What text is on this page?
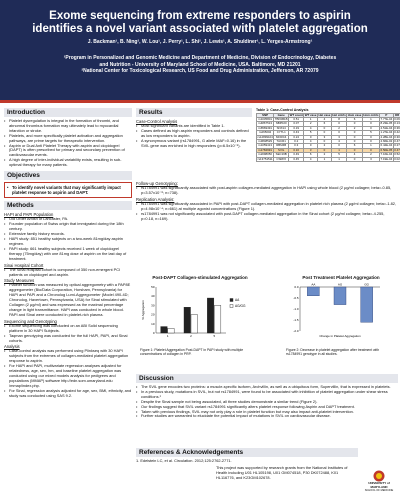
Exome sequencing from extreme responders to aspirin
identifies a novel variant associated with platelet aggregation
J. Backman¹, B. Ning², W. Lou¹, J. Perry¹, L. Shi², J. Lewis¹, A. Shuldiner¹, L. Yerges-Armstrong¹
¹Program in Personalized and Genomic Medicine and Department of Medicine, Division of Endocrinology, Diabetes
and Nutrition - University of Maryland School of Medicine, USA. Baltimore, MD 21201
²National Center for Toxicological Research, US Food and Drug Administration, Jefferson, AR 72079
Introduction
• Platelet dysregulation is integral in the formation of thrombi, and abnormal thrombus formation may ultimately lead to myocardial infarction or stroke.
• Platelets, and more specifically platelet activation and aggregation pathways, are prime targets for therapeutic intervention.
• Aspirin or Dual Anti Platelet Therapy with aspirin and clopidogrel (DAPT) is often prescribed for primary and secondary prevention of cardiovascular events.
• A high degree of inter-individual variability exists, resulting in sub-optimal therapy for many patients.
Objectives
• To identify novel variants that may significantly impact platelet response to aspirin and DAPT.
Methods
HAPI and PAPI Population
• Old Order Amish of Lancaster, PA.
• Founder population of Swiss origin that immigrated during the 18th century.
• Extensive family history records.
• HAPI study: 851 healthy subjects on a two-week 81mg/day aspirin regimen.
• PAPI study: 661 healthy subjects received 1 week of clopidogrel therapy (75mg/day) with one 81mg dose of aspirin on the last day of treatment.
Sinai Hospital Cohort
• The Sinai Hospital cohort is composed of 350 non-emergent PCI patients on clopidogrel and aspirin.
Study Measures
• Platelet function was measured by optical aggregometry with a PAP8E aggregometer (Bio/Data Corporation, Horsham, Pennsylvania) for HAPI and PAPI and a Chronolog Lumi-Aggregometer (Model 490-4D; Chronolog, Havertown, Pennsylvania, USA) for Sinai stimulated with Collagen (2 μg/ml) and was expressed as the maximal percentage change in light transmittance. HAPI was conducted in whole blood. PAPI and Sinai were conducted in platelet-rich plasma.
Sequencing and Genotyping
• Exome sequencing was conducted on an ABI Solid sequencing platform in 30 HAPI Subjects.
• Taqman genotyping was conducted for the full HAPI, PAPI, and Sinai cohorts.
Analysis
• Case-control analysis was performed using Plinkseq with 30 HAPI subjects from the extremes of collagen-mediated platelet aggregation response to aspirin.
• For HAPI and PAPI, multivariate regression analyses adjusted for relatedness, age, sex, hm, and baseline platelet aggregation was conducted using our mixed models analysis for pedigrees and populations (MMAP) software http://edn.som.umaryland.edu /mmap/index.php.
• For Sinai, regression analysis adjusted for age, sex, BMI, ethnicity, and study was conducted using SAS 9.2.
Results
Case-Control Analysis
• Most significant variants are identified in Table 1.
• Cases defined as high aspirin responders and controls defined as low responders to aspirin.
• A synonymous variant (rs1784991, G allele MAF=0.16) in the SVIL gene was enriched in high responders (p=6.5x10⁻⁵).
Table 1: Case-Control Analysis
SNP	Gene	WT count	WT case	Het case	Het cntrls	Hom case	Hom cntrls	P	OR
rs1035801	TBPAB1B	0.51	1	4	8	6	1	7.77E-04	0.06
rs4867513	NBPF20	0.07	2	6	0	0	0	8.23E-05	0.13
rs6569491	SNX14	0.19	4	0	2	2	0	4.51E-04	0.36
rs265004	CYTL1	0.43	5	0	0	0	5	1.27E-04	0.42
rs12899104	MORC4	0.24	0	3	3	0	0	4.28E-04	0.30
rs3848529	TACR1	0.2	4	0	4	0	0	4.66E-02	0.47
rs1059413	RBM4B	0.3	0	2	0	6	1	6.44E-04	0.27
rs1784991	SVIL	0.16	3	0	1	0	0	6.50E-05	0.47
rs2098050	SEC16B	0.49	6	2	5	4	2	7.16E-04	0.52
rs13751511	CSRP2	0.45	4	1	1	0	3	7.19E-04	0.02
Follow-up Genotyping:
• rs1784991 was significantly associated with post-aspirin collagen-mediated aggregation in HAPI using whole blood (2 μg/ml collagen; beta=-0.85, p=3.57x10⁻⁸; n=738).
Replication Analysis:
• rs1784991 was significantly associated in PAPI with post-DAPT collagen-mediated aggregation in platelet rich plasma (2 μg/ml collagen; beta=-1.82, p=4.98x10⁻⁴; n=661) at multiple agonist concentrations (Figure 1).
• rs1784991 was not significantly associated with post-DAPT collagen-mediated aggregation in the Sinai cohort (2 μg/ml collagen; beta=-4.255, p=0.18, n=169).
Post-DAPT Collagen-stimulated Aggregation
0
10
20
30
40
50
% Aggregation
1	2	5
AA
AG/GG
Figure 1: Platelet Aggregation Post-DAPT in PAPI study with multiple concentrations of collagen in PRP.
Post Treatment Platelet Aggregation
-2.0
-1.5
-1.0
-0.5
0.0
AA	AG	GG
Change in Platelet Aggregation
Figure 2: Decrease in platelet aggregation after treatment with rs1784991 genotype in all studies.
Discussion
• The SVIL gene encodes two proteins: a muscle-specific isoform, Archvillin, as well as a ubiquitous form, Supervillin, that is expressed in platelets.
• In a previous study, mutations in SVIL, but not rs1784991, were found to be associated with inhibition of platelet aggregation under shear stress conditions.¹
• Despite the Sinai sample not being associated, all three studies demonstrate a similar trend (Figure 2).
• Our findings suggest that SVIL variant rs1784991 significantly alters platelet response following Aspirin and DAPT treatment.
• Taken with previous findings, SVIL may not only play a role in platelet function but may also impact anti-platelet intervention.
• Further studies are warranted to elucidate the potential impact of mutations in SVIL on cardiovascular disease.
References & Acknowledgements

1. Edelstein LC, et al. Circulation. 2012;125:2762-2771.

This project was supported by research grants from the National Institutes of Health including U01 HL105198, U01 GM074518, P30 DK072488, K01 HL116776, and K23GM102678.

UNIVERSITY of MARYLAND
SCHOOL OF MEDICINE
